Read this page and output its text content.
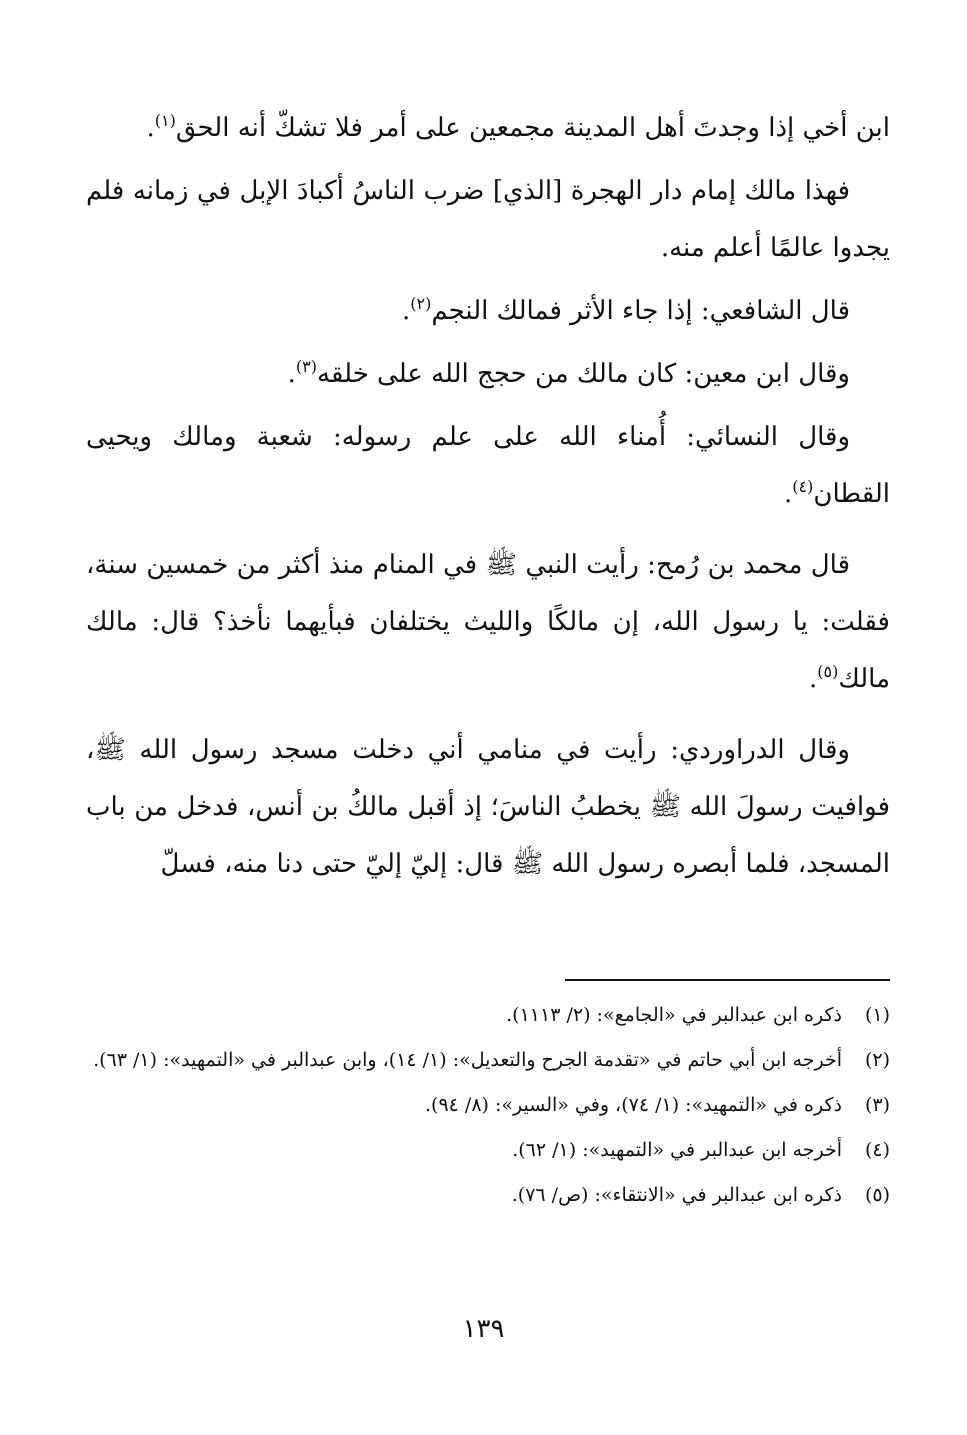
ابن أخي إذا وجدتَ أهل المدينة مجمعين على أمر فلا تشكّ أنه الحق$^{(١)}$.

فهذا مالك إمام دار الهجرة [الذي] ضرب الناسُ أكبادَ الإبل في زمانه فلم يجدوا عالمًا أعلم منه.

قال الشافعي: إذا جاء الأثر فمالك النجم$^{(٢)}$.

وقال ابن معين: كان مالك من حجج الله على خلقه$^{(٣)}$.

وقال النسائي: أُمناء الله على علم رسوله: شعبة ومالك ويحيى القطان$^{(٤)}$.

قال محمد بن رُمح: رأيت النبي ﷺ في المنام منذ أكثر من خمسين سنة، فقلت: يا رسول الله، إن مالكًا والليث يختلفان فبأيهما نأخذ؟ قال: مالك مالك$^{(٥)}$.

وقال الدراوردي: رأيت في منامي أني دخلت مسجد رسول الله ﷺ، فوافيت رسولَ الله ﷺ يخطبُ الناسَ؛ إذ أقبل مالكُ بن أنس، فدخل من باب المسجد، فلما أبصره رسول الله ﷺ قال: إليّ إليّ حتى دنا منه، فسلّ

(١)
ذكره ابن عبدالبر في «الجامع»: (٢/ ١١١٣).

(٢)
أخرجه ابن أبي حاتم في «تقدمة الجرح والتعديل»: (١/ ١٤)، وابن عبدالبر في «التمهيد»: (١/ ٦٣).

(٣)
ذكره في «التمهيد»: (١/ ٧٤)، وفي «السير»: (٨/ ٩٤).

(٤)
أخرجه ابن عبدالبر في «التمهيد»: (١/ ٦٢).

(٥)
ذكره ابن عبدالبر في «الانتقاء»: (ص/ ٧٦).

١٣٩
